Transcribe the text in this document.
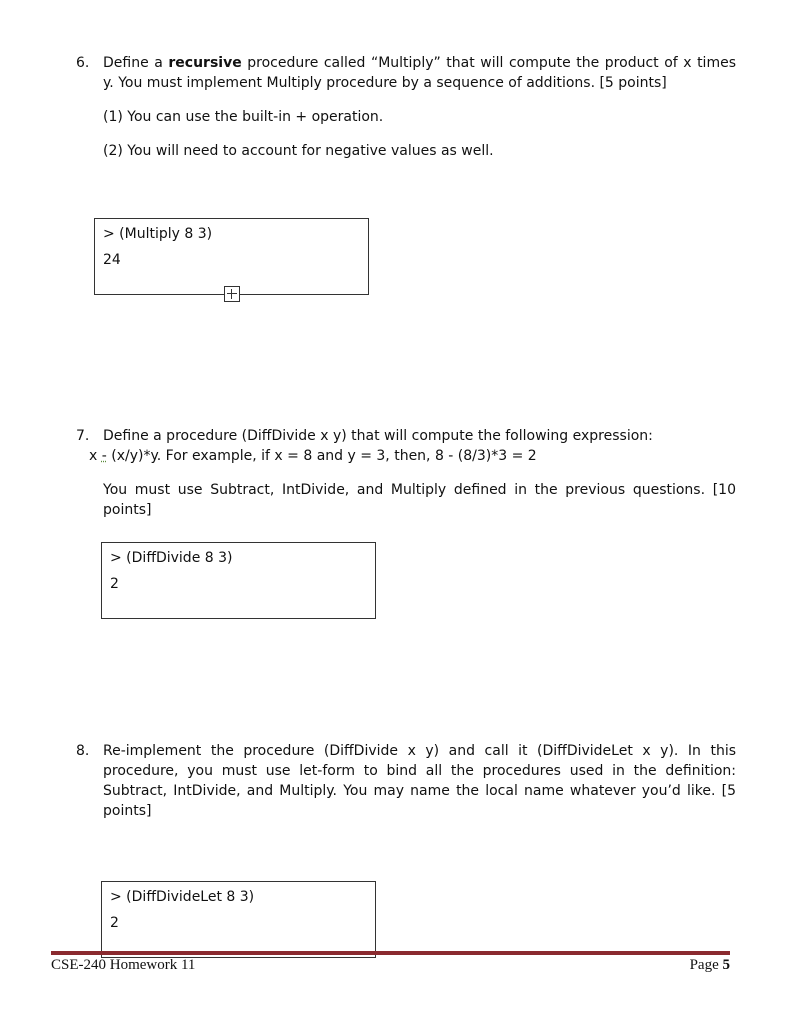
6. Define a recursive procedure called “Multiply” that will compute the product of x times y. You must implement Multiply procedure by a sequence of additions. [5 points]
(1) You can use the built-in + operation.
(2) You will need to account for negative values as well.
> (Multiply 8 3)
24
7. Define a procedure (DiffDivide x y) that will compute the following expression:
x - (x/y)*y. For example, if x = 8 and y = 3, then, 8 - (8/3)*3 = 2
You must use Subtract, IntDivide, and Multiply defined in the previous questions. [10 points]
> (DiffDivide 8 3)
2
8. Re-implement the procedure (DiffDivide x y) and call it (DiffDivideLet x y). In this procedure, you must use let-form to bind all the procedures used in the definition: Subtract, IntDivide, and Multiply. You may name the local name whatever you’d like. [5 points]
> (DiffDivideLet 8 3)
2
CSE-240 Homework 11	Page 5
